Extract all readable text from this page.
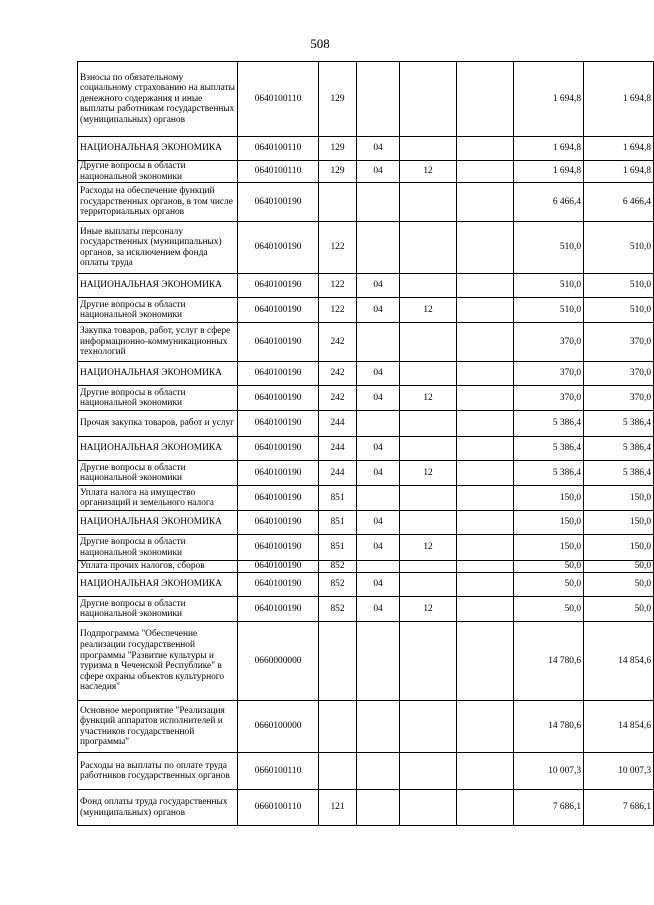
508
Взносы по обязательному социальному страхованию на выплаты денежного содержания и иные выплаты работникам государственных (муниципальных) органов	0640100110	129				1 694,8	1 694,8
НАЦИОНАЛЬНАЯ ЭКОНОМИКА	0640100110	129	04			1 694,8	1 694,8
Другие вопросы в области национальной экономики	0640100110	129	04	12		1 694,8	1 694,8
Расходы на обеспечение функций государственных органов, в том числе территориальных органов	0640100190					6 466,4	6 466,4
Иные выплаты персоналу государственных (муниципальных) органов, за исключением фонда оплаты труда	0640100190	122				510,0	510,0
НАЦИОНАЛЬНАЯ ЭКОНОМИКА	0640100190	122	04			510,0	510,0
Другие вопросы в области национальной экономики	0640100190	122	04	12		510,0	510,0
Закупка товаров, работ, услуг в сфере информационно-коммуникационных технологий	0640100190	242				370,0	370,0
НАЦИОНАЛЬНАЯ ЭКОНОМИКА	0640100190	242	04			370,0	370,0
Другие вопросы в области национальной экономики	0640100190	242	04	12		370,0	370,0
Прочая закупка товаров, работ и услуг	0640100190	244				5 386,4	5 386,4
НАЦИОНАЛЬНАЯ ЭКОНОМИКА	0640100190	244	04			5 386,4	5 386,4
Другие вопросы в области национальной экономики	0640100190	244	04	12		5 386,4	5 386,4
Уплата налога на имущество организаций и земельного налога	0640100190	851				150,0	150,0
НАЦИОНАЛЬНАЯ ЭКОНОМИКА	0640100190	851	04			150,0	150,0
Другие вопросы в области национальной экономики	0640100190	851	04	12		150,0	150,0
Уплата прочих налогов, сборов	0640100190	852				50,0	50,0
НАЦИОНАЛЬНАЯ ЭКОНОМИКА	0640100190	852	04			50,0	50,0
Другие вопросы в области национальной экономики	0640100190	852	04	12		50,0	50,0
Подпрограмма "Обеспечение реализации государственной программы "Развитие культуры и туризма в Чеченской Республике" в сфере охраны объектов культурного наследия"	0660000000					14 780,6	14 854,6
Основное мероприятие "Реализация функций аппаратов исполнителей и участников государственной программы"	0660100000					14 780,6	14 854,6
Расходы на выплаты по оплате труда работников государственных органов	0660100110					10 007,3	10 007,3
Фонд оплаты труда государственных (муниципальных) органов	0660100110	121				7 686,1	7 686,1
